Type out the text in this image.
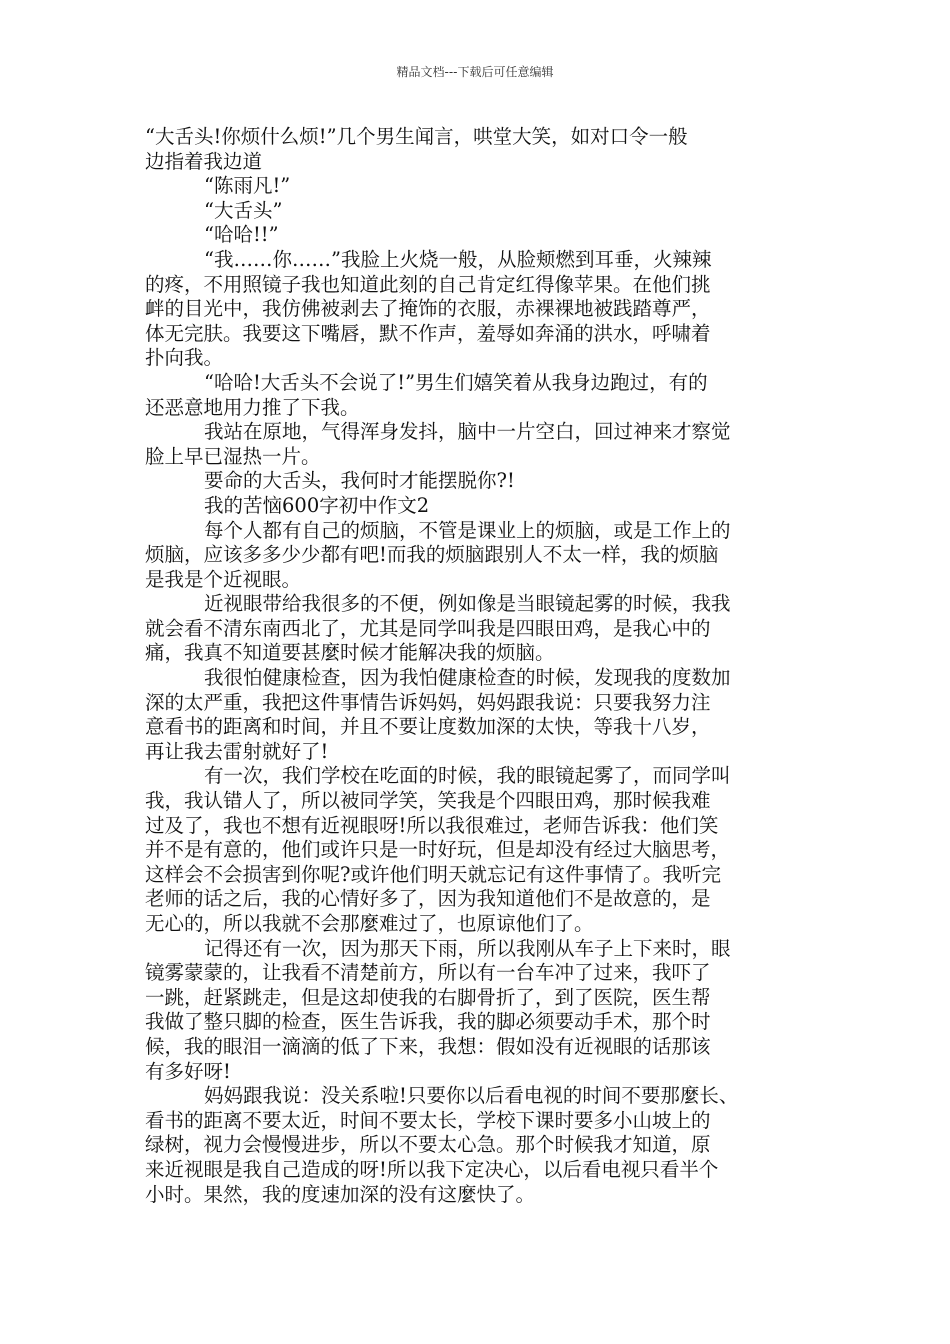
精品文档---下载后可任意编辑
“大舌头!你烦什么烦!”几个男生闻言，哄堂大笑，如对口令一般
边指着我边道
“陈雨凡!”
“大舌头”
“哈哈!!”
“我……你……”我脸上火烧一般，从脸颊燃到耳垂，火辣辣
的疼，不用照镜子我也知道此刻的自己肯定红得像苹果。在他们挑
衅的目光中，我仿佛被剥去了掩饰的衣服，赤裸裸地被践踏尊严，
体无完肤。我要这下嘴唇，默不作声，羞辱如奔涌的洪水，呼啸着
扑向我。
“哈哈!大舌头不会说了!”男生们嬉笑着从我身边跑过，有的
还恶意地用力推了下我。
我站在原地，气得浑身发抖，脑中一片空白，回过神来才察觉
脸上早已湿热一片。
要命的大舌头，我何时才能摆脱你?!
我的苦恼600字初中作文2
每个人都有自己的烦脑，不管是课业上的烦脑，或是工作上的
烦脑，应该多多少少都有吧!而我的烦脑跟别人不太一样，我的烦脑
是我是个近视眼。
近视眼带给我很多的不便，例如像是当眼镜起雾的时候，我我
就会看不清东南西北了，尤其是同学叫我是四眼田鸡，是我心中的
痛，我真不知道要甚麼时候才能解决我的烦脑。
我很怕健康检查，因为我怕健康检查的时候，发现我的度数加
深的太严重，我把这件事情告诉妈妈，妈妈跟我说：只要我努力注
意看书的距离和时间，并且不要让度数加深的太快，等我十八岁，
再让我去雷射就好了!
有一次，我们学校在吃面的时候，我的眼镜起雾了，而同学叫
我，我认错人了，所以被同学笑，笑我是个四眼田鸡，那时候我难
过及了，我也不想有近视眼呀!所以我很难过，老师告诉我：他们笑
并不是有意的，他们或许只是一时好玩，但是却没有经过大脑思考，
这样会不会损害到你呢?或许他们明天就忘记有这件事情了。我听完
老师的话之后，我的心情好多了，因为我知道他们不是故意的，是
无心的，所以我就不会那麼难过了，也原谅他们了。
记得还有一次，因为那天下雨，所以我刚从车子上下来时，眼
镜雾蒙蒙的，让我看不清楚前方，所以有一台车冲了过来，我吓了
一跳，赶紧跳走，但是这却使我的右脚骨折了，到了医院，医生帮
我做了整只脚的检查，医生告诉我，我的脚必须要动手术，那个时
候，我的眼泪一滴滴的低了下来，我想：假如没有近视眼的话那该
有多好呀!
妈妈跟我说：没关系啦!只要你以后看电视的时间不要那麼长、
看书的距离不要太近，时间不要太长，学校下课时要多小山坡上的
绿树，视力会慢慢进步，所以不要太心急。那个时候我才知道，原
来近视眼是我自己造成的呀!所以我下定决心，以后看电视只看半个
小时。果然，我的度速加深的没有这麼快了。
